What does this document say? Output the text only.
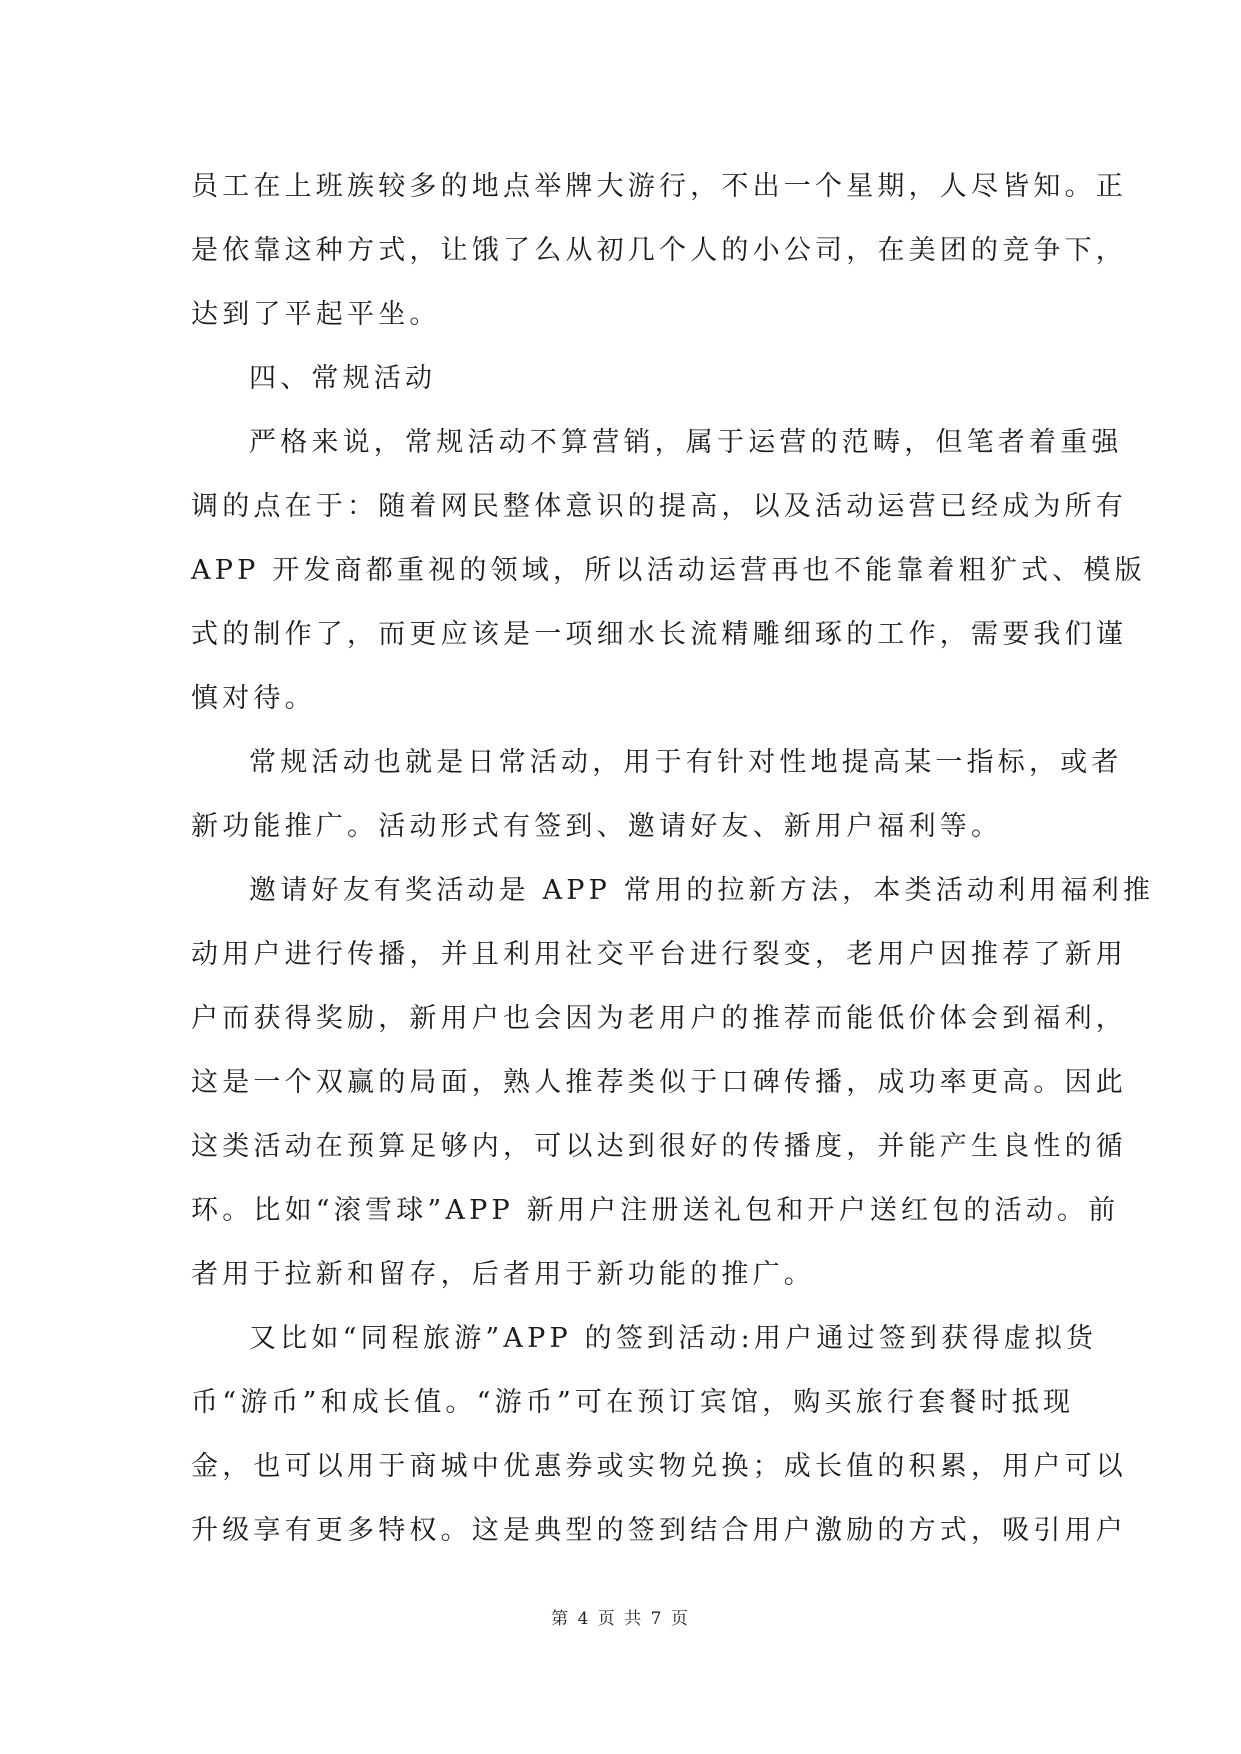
员工在上班族较多的地点举牌大游行，不出一个星期，人尽皆知。正
是依靠这种方式，让饿了么从初几个人的小公司，在美团的竞争下，
达到了平起平坐。

四、常规活动

严格来说，常规活动不算营销，属于运营的范畴，但笔者着重强
调的点在于：随着网民整体意识的提高，以及活动运营已经成为所有
APP 开发商都重视的领域，所以活动运营再也不能靠着粗犷式、模版
式的制作了，而更应该是一项细水长流精雕细琢的工作，需要我们谨
慎对待。

常规活动也就是日常活动，用于有针对性地提高某一指标，或者
新功能推广。活动形式有签到、邀请好友、新用户福利等。

邀请好友有奖活动是 APP 常用的拉新方法，本类活动利用福利推
动用户进行传播，并且利用社交平台进行裂变，老用户因推荐了新用
户而获得奖励，新用户也会因为老用户的推荐而能低价体会到福利，
这是一个双赢的局面，熟人推荐类似于口碑传播，成功率更高。因此
这类活动在预算足够内，可以达到很好的传播度，并能产生良性的循
环。比如“滚雪球”APP 新用户注册送礼包和开户送红包的活动。前
者用于拉新和留存，后者用于新功能的推广。

又比如“同程旅游”APP 的签到活动:用户通过签到获得虚拟货
币“游币”和成长值。“游币”可在预订宾馆，购买旅行套餐时抵现
金，也可以用于商城中优惠券或实物兑换；成长值的积累，用户可以
升级享有更多特权。这是典型的签到结合用户激励的方式，吸引用户

第 4 页 共 7 页
